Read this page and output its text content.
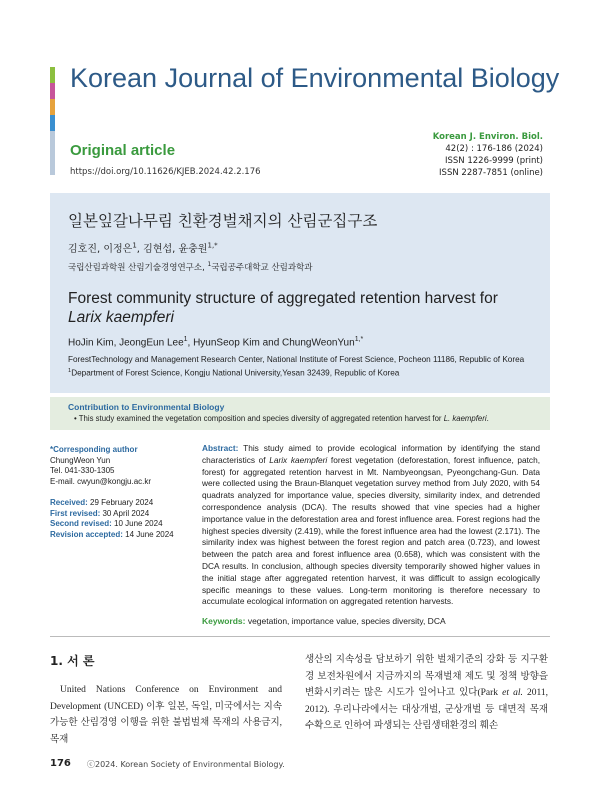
Korean Journal of Environmental Biology
Original article
https://doi.org/10.11626/KJEB.2024.42.2.176
Korean J. Environ. Biol.
42(2) : 176-186 (2024)
ISSN 1226-9999 (print)
ISSN 2287-7851 (online)
일본잎갈나무림 친환경벌채지의 산림군집구조
김호진, 이정은$^1$, 김현섭, 윤충원$^{1,*}$
국립산림과학원 산림기술경영연구소, $^1$국립공주대학교 산림과학과
Forest community structure of aggregated retention harvest for
Larix kaempferi
HoJin Kim, JeongEun Lee$^1$, HyunSeop Kim and ChungWeonYun$^{1,*}$
ForestTechnology and Management Research Center, National Institute of Forest Science, Pocheon 11186, Republic of Korea
$^1$Department of Forest Science, Kongju National University,Yesan 32439, Republic of Korea
Contribution to Environmental Biology
• This study examined the vegetation composition and species diversity of aggregated retention harvest for L. kaempferi.
*Corresponding author
ChungWeon Yun
Tel. 041-330-1305
E-mail. cwyun@kongju.ac.kr
Received: 29 February 2024
First revised: 30 April 2024
Second revised: 10 June 2024
Revision accepted: 14 June 2024
Abstract: This study aimed to provide ecological information by identifying the stand characteristics of Larix kaempferi forest vegetation (deforestation, forest influence, patch, forest) for aggregated retention harvest in Mt. Nambyeongsan, Pyeongchang-Gun. Data were collected using the Braun-Blanquet vegetation survey method from July 2020, with 54 quadrats analyzed for importance value, species diversity, similarity index, and detrended correspondence analysis (DCA). The results showed that vine species had a higher importance value in the deforestation area and forest influence area. Forest regions had the highest species diversity (2.419), while the forest influence area had the lowest (2.171). The similarity index was highest between the forest region and patch area (0.723), and lowest between the patch area and forest influence area (0.658), which was consistent with the DCA results. In conclusion, although species diversity temporarily showed higher values in the initial stage after aggregated retention harvest, it was difficult to assign ecologically specific meanings to these values. Long-term monitoring is therefore necessary to accumulate ecological information on aggregated retention harvests.
Keywords: vegetation, importance value, species diversity, DCA
1. 서 론
United Nations Conference on Environment and Development (UNCED) 이후 일본, 독일, 미국에서는 지속가능한 산림경영 이행을 위한 불법벌채 목재의 사용금지, 목재
생산의 지속성을 담보하기 위한 벌채기준의 강화 등 지구환경 보전차원에서 지금까지의 목재벌채 제도 및 정책 방향을 변화시키려는 많은 시도가 일어나고 있다(Park et al. 2011, 2012). 우리나라에서는 대상개벌, 군상개벌 등 대면적 목재수확으로 인하여 파생되는 산림생태환경의 훼손
176 ⓒ2024. Korean Society of Environmental Biology.
